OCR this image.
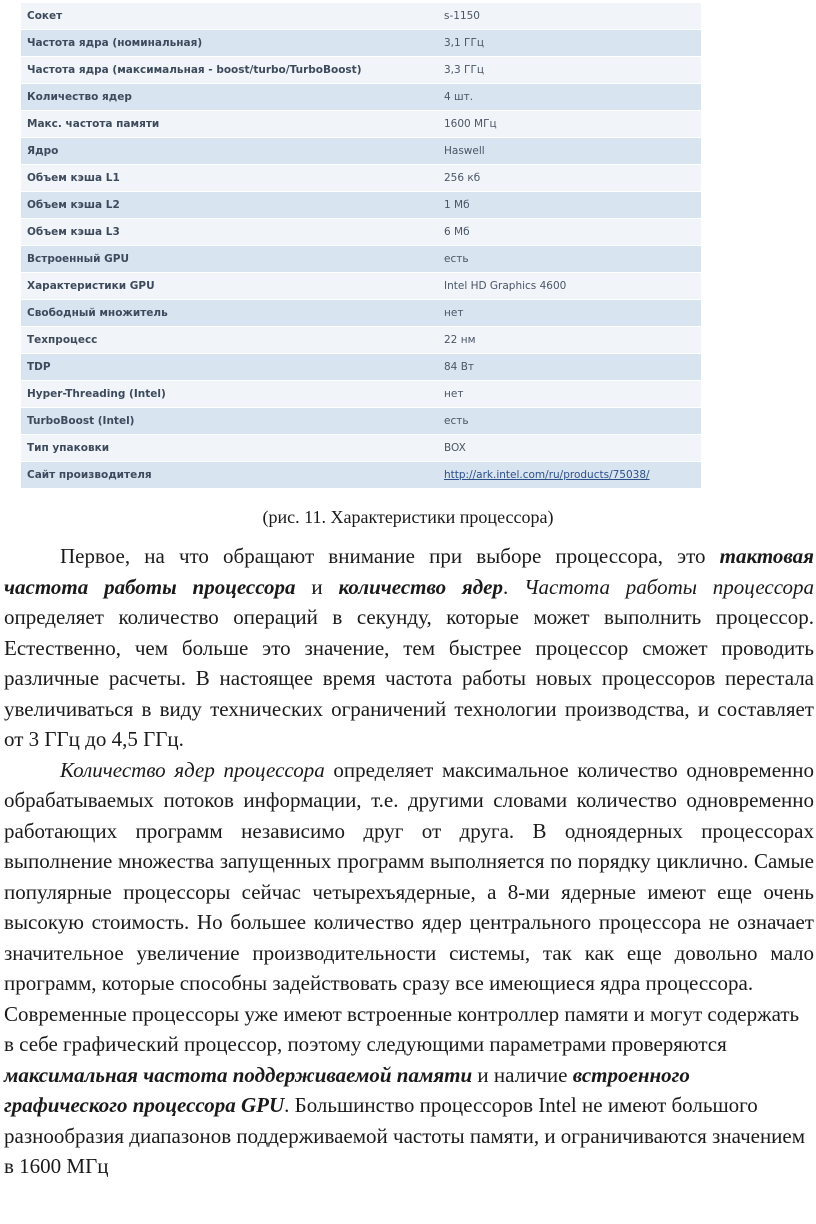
Сокет	s-1150
Частота ядра (номинальная)	3,1 ГГц
Частота ядра (максимальная - boost/turbo/TurboBoost)	3,3 ГГц
Количество ядер	4 шт.
Макс. частота памяти	1600 МГц
Ядро	Haswell
Объем кэша L1	256 кб
Объем кэша L2	1 Мб
Объем кэша L3	6 Мб
Встроенный GPU	есть
Характеристики GPU	Intel HD Graphics 4600
Свободный множитель	нет
Техпроцесс	22 нм
TDP	84 Вт
Hyper-Threading (Intel)	нет
TurboBoost (Intel)	есть
Тип упаковки	BOX
Сайт производителя	http://ark.intel.com/ru/products/75038/
(рис. 11. Характеристики процессора)

Первое, на что обращают внимание при выборе процессора, это тактовая частота работы процессора и количество ядер. Частота работы процессора определяет количество операций в секунду, которые может выполнить процессор. Естественно, чем больше это значение, тем быстрее процессор сможет проводить различные расчеты. В настоящее время частота работы новых процессоров перестала увеличиваться в виду технических ограничений технологии производства, и составляет от 3 ГГц до 4,5 ГГц.

Количество ядер процессора определяет максимальное количество одновременно обрабатываемых потоков информации, т.е. другими словами количество одновременно работающих программ независимо друг от друга. В одноядерных процессорах выполнение множества запущенных программ выполняется по порядку циклично. Самые популярные процессоры сейчас четырехъядерные, а 8-ми ядерные имеют еще очень высокую стоимость. Но большее количество ядер центрального процессора не означает значительное увеличение производительности системы, так как еще довольно мало программ, которые способны задействовать сразу все имеющиеся ядра процессора.

Современные процессоры уже имеют встроенные контроллер памяти и могут содержать в себе графический процессор, поэтому следующими параметрами проверяются максимальная частота поддерживаемой памяти и наличие встроенного графического процессора GPU. Большинство процессоров Intel не имеют большого разнообразия диапазонов поддерживаемой частоты памяти, и ограничиваются значением в 1600 МГц
